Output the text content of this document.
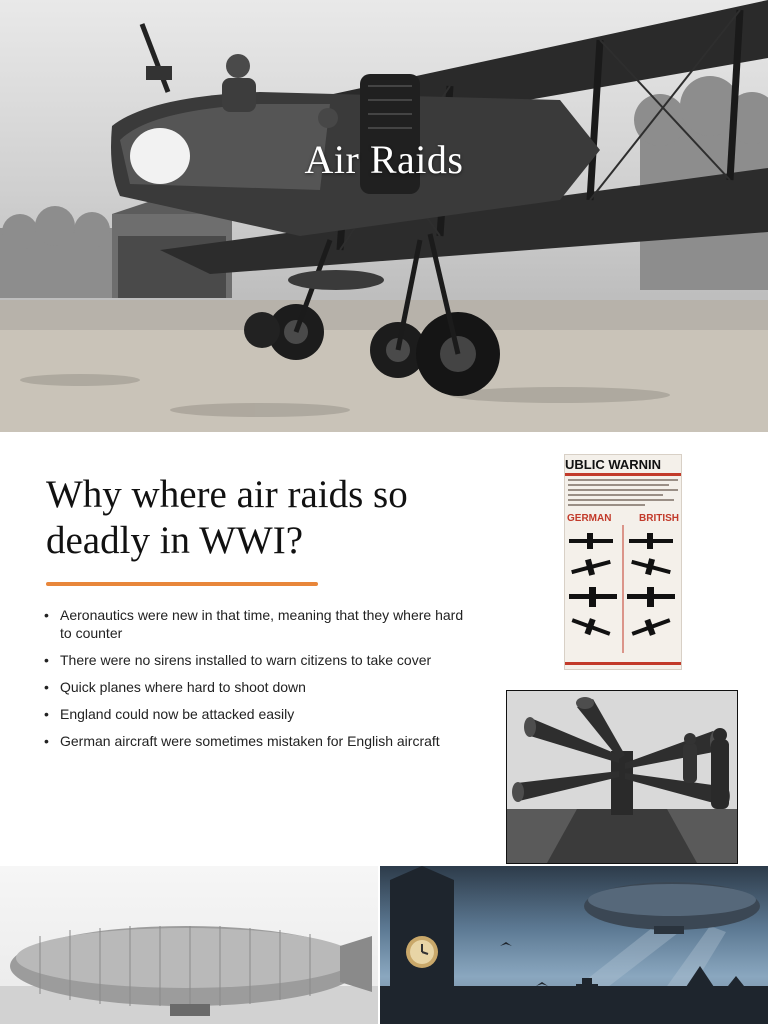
Air Raids
Why where air raids so deadly in WWI?
• Aeronautics were new in that time, meaning that they where hard to counter
• There were no sirens installed to warn citizens to take cover
• Quick planes where hard to shoot down
• England could now be attacked easily
• German aircraft were sometimes mistaken for English aircraft
UBLIC WARNIN
GERMAN	BRITISH
